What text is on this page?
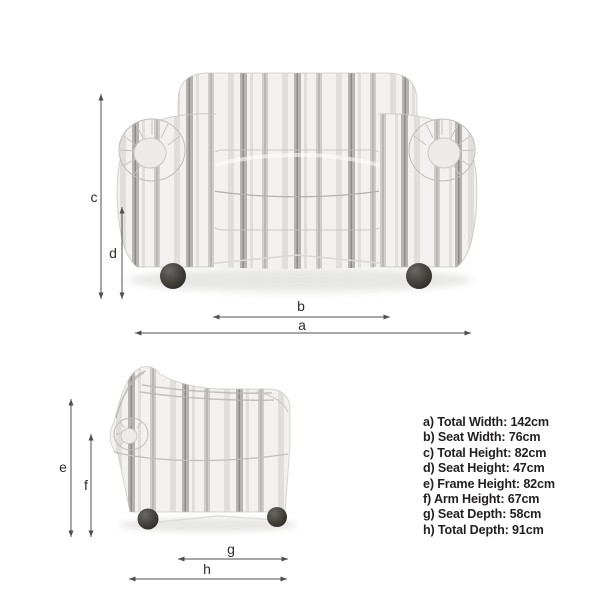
c
d
b
a
e
f
g
h
a) Total Width: 142cm
b) Seat Width: 76cm
c) Total Height: 82cm
d) Seat Height: 47cm
e) Frame Height: 82cm
f) Arm Height: 67cm
g) Seat Depth: 58cm
h) Total Depth: 91cm
